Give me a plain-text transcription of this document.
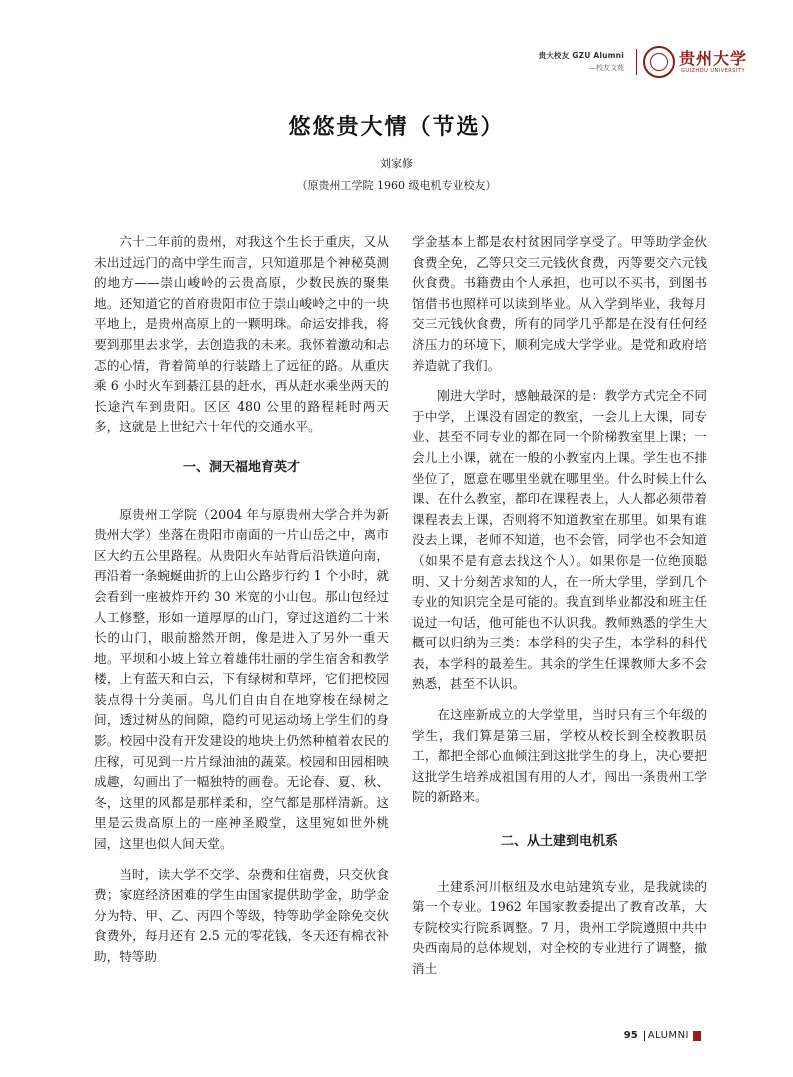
贵大校友 GZU Alumni
—校友文苑	贵州大学
GUIZHOU UNIVERSITY
悠悠贵大情（节选）
刘家修
（原贵州工学院 1960 级电机专业校友）

六十二年前的贵州，对我这个生长于重庆，又从未出过远门的高中学生而言，只知道那是个神秘莫测的地方——崇山峻岭的云贵高原，少数民族的聚集地。还知道它的首府贵阳市位于崇山峻岭之中的一块平地上，是贵州高原上的一颗明珠。命运安排我，将要到那里去求学，去创造我的未来。我怀着激动和忐忑的心情，背着简单的行装踏上了远征的路。从重庆乘 6 小时火车到綦江县的赶水，再从赶水乘坐两天的长途汽车到贵阳。区区 480 公里的路程耗时两天多，这就是上世纪六十年代的交通水平。

一、洞天福地育英才

原贵州工学院（2004 年与原贵州大学合并为新贵州大学）坐落在贵阳市南面的一片山岳之中，离市区大约五公里路程。从贵阳火车站背后沿铁道向南，再沿着一条蜿蜒曲折的上山公路步行约 1 个小时，就会看到一座被炸开约 30 米宽的小山包。那山包经过人工修整，形如一道厚厚的山门，穿过这道约二十米长的山门，眼前豁然开朗，像是进入了另外一重天地。平坝和小坡上耸立着雄伟壮丽的学生宿舍和教学楼，上有蓝天和白云，下有绿树和草坪，它们把校园装点得十分美丽。鸟儿们自由自在地穿梭在绿树之间，透过树丛的间隙，隐约可见运动场上学生们的身影。校园中没有开发建设的地块上仍然种植着农民的庄稼，可见到一片片绿油油的蔬菜。校园和田园相映成趣，勾画出了一幅独特的画卷。无论春、夏、秋、冬，这里的风都是那样柔和，空气都是那样清新。这里是云贵高原上的一座神圣殿堂，这里宛如世外桃园，这里也似人间天堂。

当时，读大学不交学、杂费和住宿费，只交伙食费；家庭经济困难的学生由国家提供助学金，助学金分为特、甲、乙、丙四个等级，特等助学金除免交伙食费外，每月还有 2.5 元的零花钱，冬天还有棉衣补助，特等助

学金基本上都是农村贫困同学享受了。甲等助学金伙食费全免，乙等只交三元钱伙食费，丙等要交六元钱伙食费。书籍费由个人承担，也可以不买书，到图书馆借书也照样可以读到毕业。从入学到毕业，我每月交三元钱伙食费，所有的同学几乎都是在没有任何经济压力的环境下，顺利完成大学学业。是党和政府培养造就了我们。

刚进大学时，感触最深的是：教学方式完全不同于中学，上课没有固定的教室，一会儿上大课，同专业、甚至不同专业的都在同一个阶梯教室里上课；一会儿上小课，就在一般的小教室内上课。学生也不排坐位了，愿意在哪里坐就在哪里坐。什么时候上什么课、在什么教室，都印在课程表上，人人都必须带着课程表去上课，否则将不知道教室在那里。如果有谁没去上课，老师不知道，也不会管，同学也不会知道（如果不是有意去找这个人）。如果你是一位绝顶聪明、又十分刻苦求知的人，在一所大学里，学到几个专业的知识完全是可能的。我直到毕业都没和班主任说过一句话，他可能也不认识我。教师熟悉的学生大概可以归纳为三类：本学科的尖子生，本学科的科代表，本学科的最差生。其余的学生任课教师大多不会熟悉，甚至不认识。

在这座新成立的大学堂里，当时只有三个年级的学生，我们算是第三届，学校从校长到全校教职员工，都把全部心血倾注到这批学生的身上，决心要把这批学生培养成祖国有用的人才，闯出一条贵州工学院的新路来。

二、从土建到电机系

土建系河川枢纽及水电站建筑专业，是我就读的第一个专业。1962 年国家教委提出了教育改革，大专院校实行院系调整。7 月，贵州工学院遵照中共中央西南局的总体规划，对全校的专业进行了调整，撤消土

95 ALUMNI
